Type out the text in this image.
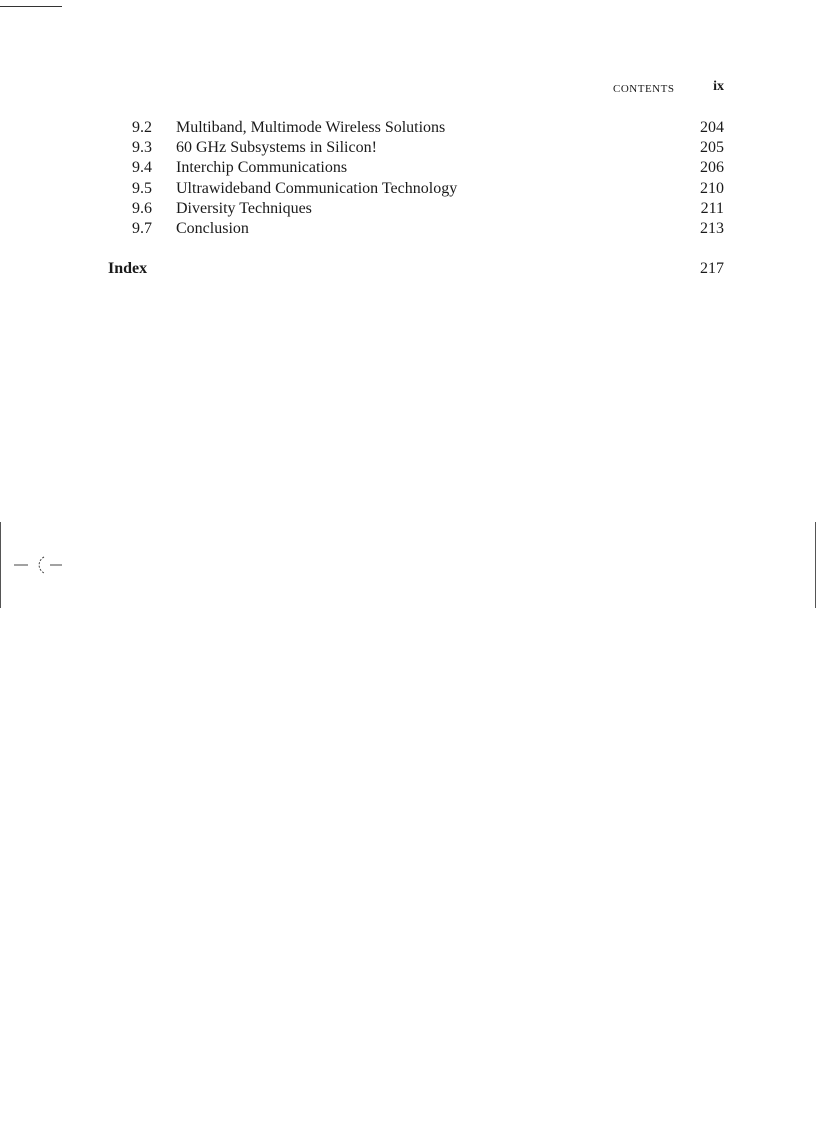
CONTENTS	ix
9.2	Multiband, Multimode Wireless Solutions	204
9.3	60 GHz Subsystems in Silicon!	205
9.4	Interchip Communications	206
9.5	Ultrawideband Communication Technology	210
9.6	Diversity Techniques	211
9.7	Conclusion	213
Index	217
